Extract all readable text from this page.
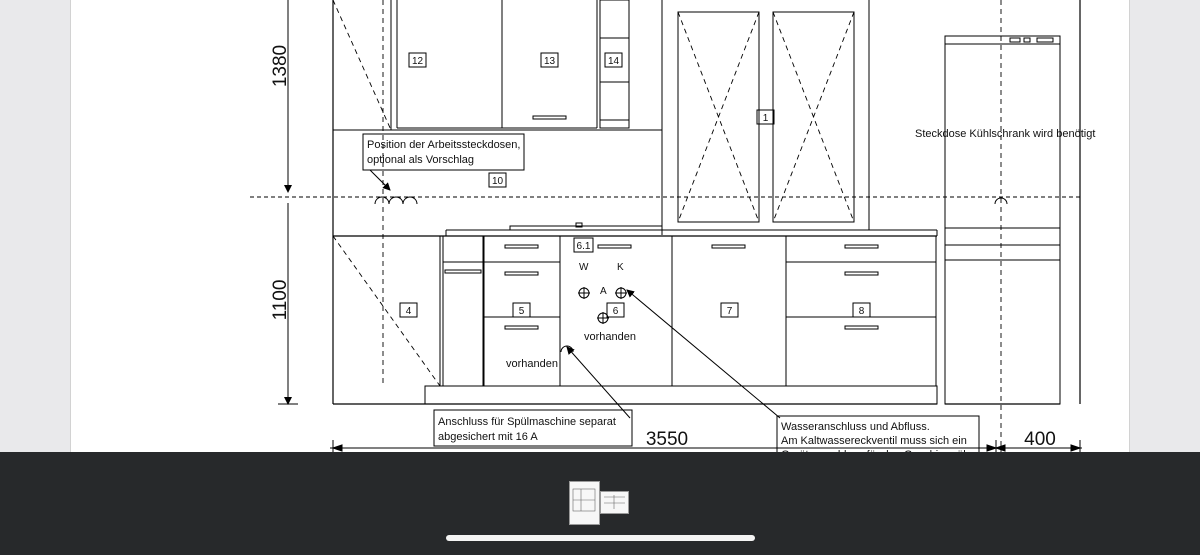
12	13	14
1
10
6.1
4	5	6	7	8
W	K
A
vorhanden
vorhanden
Position der Arbeitssteckdosen,
optional als Vorschlag
Steckdose Kühlschrank wird benötigt
Anschluss für Spülmaschine separat
abgesichert mit 16 A
Wasseranschluss und Abfluss.
Am Kaltwassereckventil muss sich ein
1380
1100
3550	400
